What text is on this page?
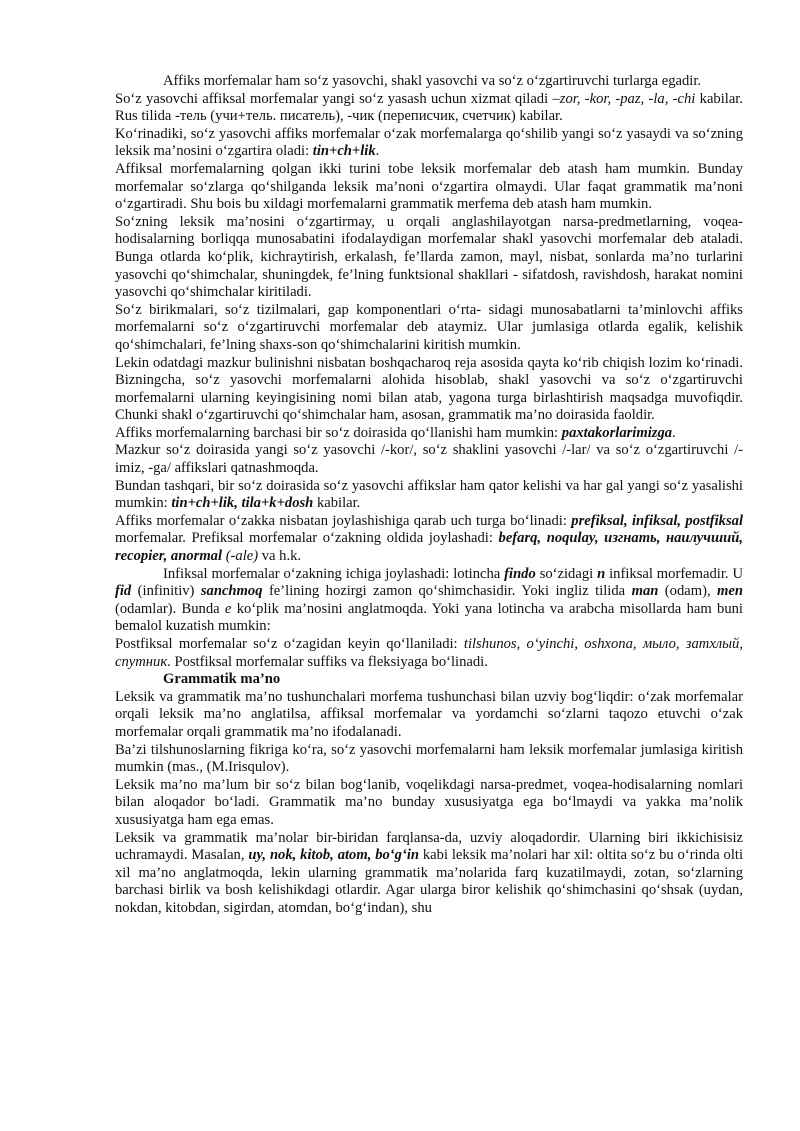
Affiks morfemalar ham so‘z yasovchi, shakl yasovchi va so‘z o‘zgartiruvchi turlarga egadir.

So‘z yasovchi affiksal morfemalar yangi so‘z yasash uchun xizmat qiladi –zor, -kor, -paz, -la, -chi kabilar. Rus tilida -тель (учи+тель. писатель), -чик (переписчик, счетчик) kabilar.

Ko‘rinadiki, so‘z yasovchi affiks morfemalar o‘zak morfemalarga qo‘shilib yangi so‘z yasaydi va so‘zning leksik ma’nosini o‘zgartira oladi: tin+ch+lik.

Affiksal morfemalarning qolgan ikki turini tobe leksik morfemalar deb atash ham mumkin. Bunday morfemalar so‘zlarga qo‘shilganda leksik ma’noni o‘zgartira olmaydi. Ular faqat grammatik ma’noni o‘zgartiradi. Shu bois bu xildagi morfemalarni grammatik merfema deb atash ham mumkin.

So‘zning leksik ma’nosini o‘zgartirmay, u orqali anglashilayotgan narsa-predmetlarning, voqea-hodisalarning borliqqa munosabatini ifodalaydigan morfemalar shakl yasovchi morfemalar deb ataladi. Bunga otlarda ko‘plik, kichraytirish, erkalash, fe’llarda zamon, mayl, nisbat, sonlarda ma’no turlarini yasovchi qo‘shimchalar, shuningdek, fe’lning funktsional shakllari - sifatdosh, ravishdosh, harakat nomini yasovchi qo‘shimchalar kiritiladi.

So‘z birikmalari, so‘z tizilmalari, gap komponentlari o‘rta- sidagi munosabatlarni ta’minlovchi affiks morfemalarni so‘z o‘zgartiruvchi morfemalar deb ataymiz. Ular jumlasiga otlarda egalik, kelishik qo‘shimchalari, fe’lning shaxs-son qo‘shimchalarini kiritish mumkin.

Lekin odatdagi mazkur bulinishni nisbatan boshqacharoq reja asosida qayta ko‘rib chiqish lozim ko‘rinadi. Bizningcha, so‘z yasovchi morfemalarni alohida hisoblab, shakl yasovchi va so‘z o‘zgartiruvchi morfemalarni ularning keyingisining nomi bilan atab, yagona turga birlashtirish maqsadga muvofiqdir. Chunki shakl o‘zgartiruvchi qo‘shimchalar ham, asosan, grammatik ma’no doirasida faoldir.

Affiks morfemalarning barchasi bir so‘z doirasida qo‘llanishi ham mumkin: paxtakorlarimizga.

Mazkur so‘z doirasida yangi so‘z yasovchi /-kor/, so‘z shaklini yasovchi /-lar/ va so‘z o‘zgartiruvchi /-imiz, -ga/ affikslari qatnashmoqda.

Bundan tashqari, bir so‘z doirasida so‘z yasovchi affikslar ham qator kelishi va har gal yangi so‘z yasalishi mumkin: tin+ch+lik, tila+k+dosh kabilar.

Affiks morfemalar o‘zakka nisbatan joylashishiga qarab uch turga bo‘linadi: prefiksal, infiksal, postfiksal morfemalar. Prefiksal morfemalar o‘zakning oldida joylashadi: befarq, noqulay, изгнать, наилучший, recopier, anormal (-ale) va h.k.

Infiksal morfemalar o‘zakning ichiga joylashadi: lotincha findo so‘zidagi n infiksal morfemadir. U fid (infinitiv) sanchmoq fe’lining hozirgi zamon qo‘shimchasidir. Yoki ingliz tilida man (odam), men (odamlar). Bunda e ko‘plik ma’nosini anglatmoqda. Yoki yana lotincha va arabcha misollarda ham buni bemalol kuzatish mumkin:

Postfiksal morfemalar so‘z o‘zagidan keyin qo‘llaniladi: tilshunos, o‘yinchi, oshxona, мыло, затхлый, спутник. Postfiksal morfemalar suffiks va fleksiyaga bo‘linadi.

Grammatik ma’no

Leksik va grammatik ma’no tushunchalari morfema tushunchasi bilan uzviy bog‘liqdir: o‘zak morfemalar orqali leksik ma’no anglatilsa, affiksal morfemalar va yordamchi so‘zlarni taqozo etuvchi o‘zak morfemalar orqali grammatik ma’no ifodalanadi.

Ba’zi tilshunoslarning fikriga ko‘ra, so‘z yasovchi morfemalarni ham leksik morfemalar jumlasiga kiritish mumkin (mas., (M.Irisqulov).

Leksik ma’no ma’lum bir so‘z bilan bog‘lanib, voqelikdagi narsa-predmet, voqea-hodisalarning nomlari bilan aloqador bo‘ladi. Grammatik ma’no bunday xususiyatga ega bo‘lmaydi va yakka ma’nolik xususiyatga ham ega emas.

Leksik va grammatik ma’nolar bir-biridan farqlansa-da, uzviy aloqadordir. Ularning biri ikkichisisiz uchramaydi. Masalan, uy, nok, kitob, atom, bo‘g‘in kabi leksik ma’nolari har xil: oltita so‘z bu o‘rinda olti xil ma’no anglatmoqda, lekin ularning grammatik ma’nolarida farq kuzatilmaydi, zotan, so‘zlarning barchasi birlik va bosh kelishikdagi otlardir. Agar ularga biror kelishik qo‘shimchasini qo‘shsak (uydan, nokdan, kitobdan, sigirdan, atomdan, bo‘g‘indan), shu
